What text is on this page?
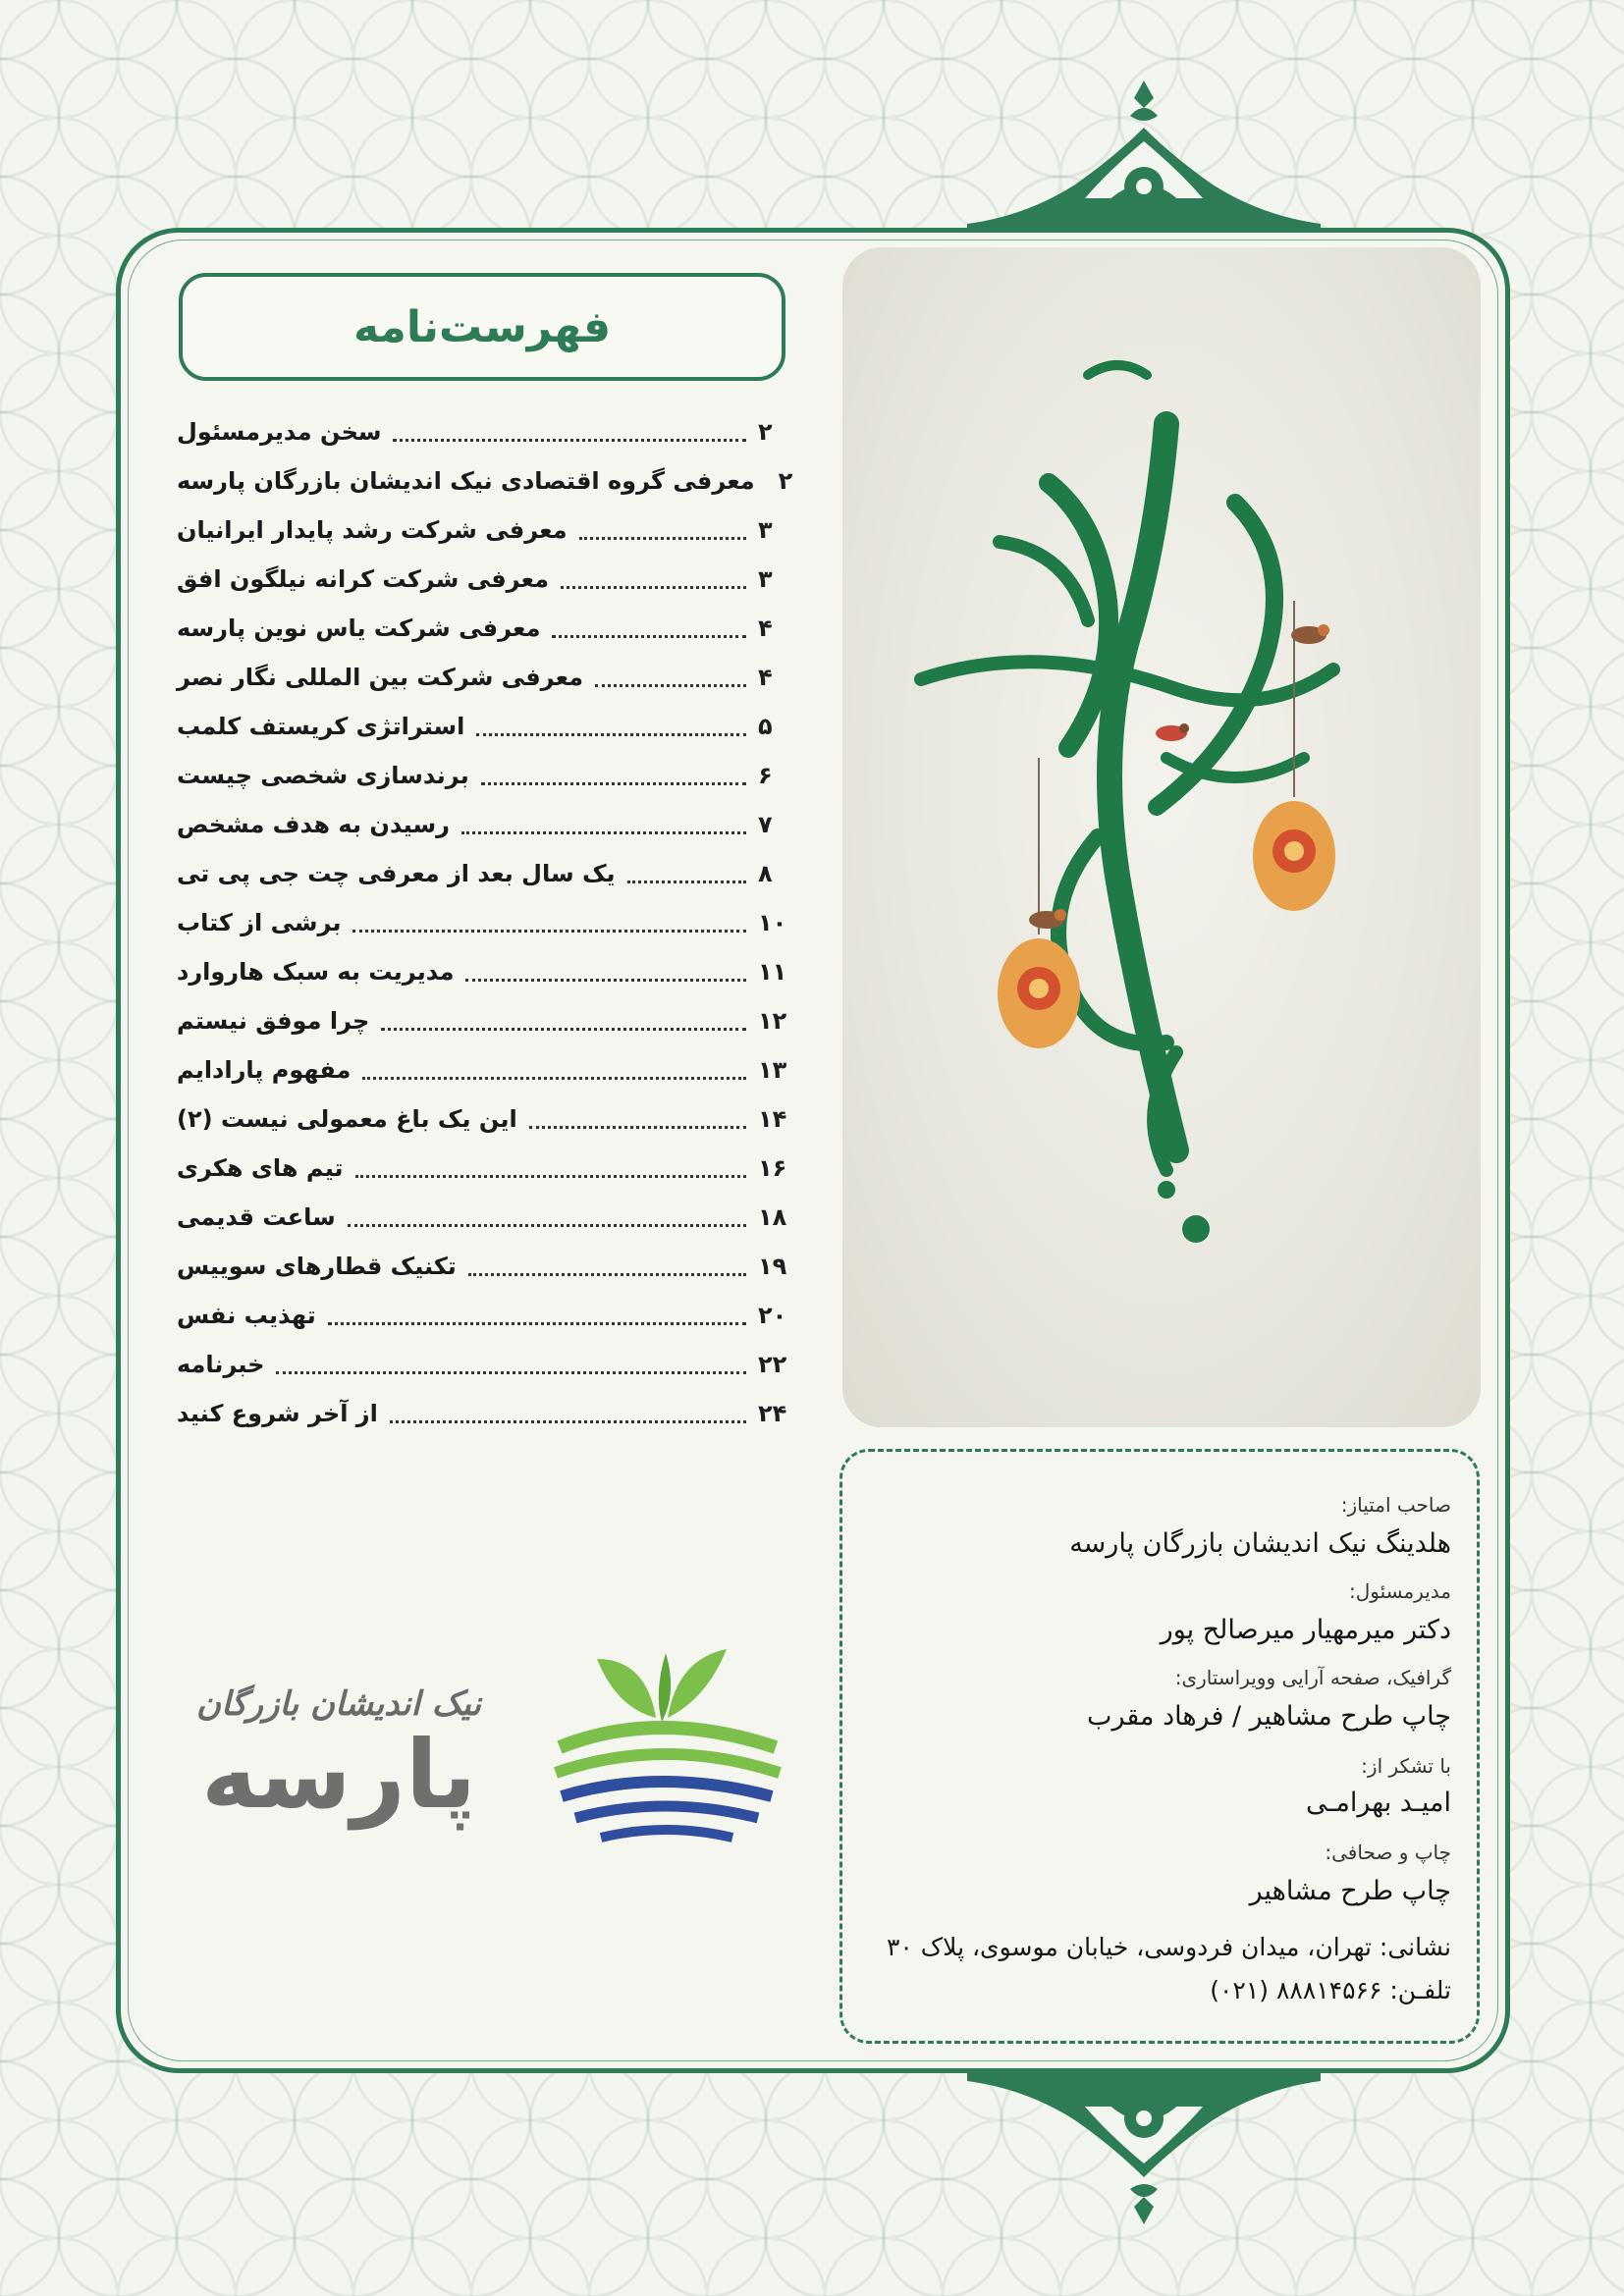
فهرست‌نامه
سخن مدیرمسئول	۲
معرفی گروه اقتصادی نیک اندیشان بازرگان پارسه ۲
معرفی شرکت رشد پایدار ایرانیان	۳
معرفی شرکت کرانه نیلگون افق	۳
معرفی شرکت یاس نوین پارسه	۴
معرفی شرکت بین المللی نگار نصر	۴
استراتژی کریستف کلمب	۵
برندسازی شخصی چیست	۶
رسیدن به هدف مشخص	۷
یک سال بعد از معرفی چت جی پی تی	۸
برشی از کتاب	۱۰
مدیریت به سبک هاروارد	۱۱
چرا موفق نیستم	۱۲
مفهوم پارادایم	۱۳
این یک باغ معمولی نیست (۲)	۱۴
تیم های هکری	۱۶
ساعت قدیمی	۱۸
تکنیک قطارهای سوییس	۱۹
تهذیب نفس	۲۰
خبرنامه	۲۲
از آخر شروع کنید	۲۴
صاحب امتیاز:
هلدینگ نیک اندیشان بازرگان پارسه
مدیرمسئول:
دکتر میرمهیار میرصالح پور
گرافیک، صفحه آرایی وویراستاری:
چاپ طرح مشاهیر / فرهاد مقرب
با تشکر از:
امیـد بهرامـی
چاپ و صحافی:
چاپ طرح مشاهیر
نشانی: تهران، میدان فردوسی، خیابان موسوی، پلاک ۳۰
تلفـن: ۸۸۸۱۴۵۶۶ (۰۲۱)
نیک اندیشان بازرگان
پارسه
